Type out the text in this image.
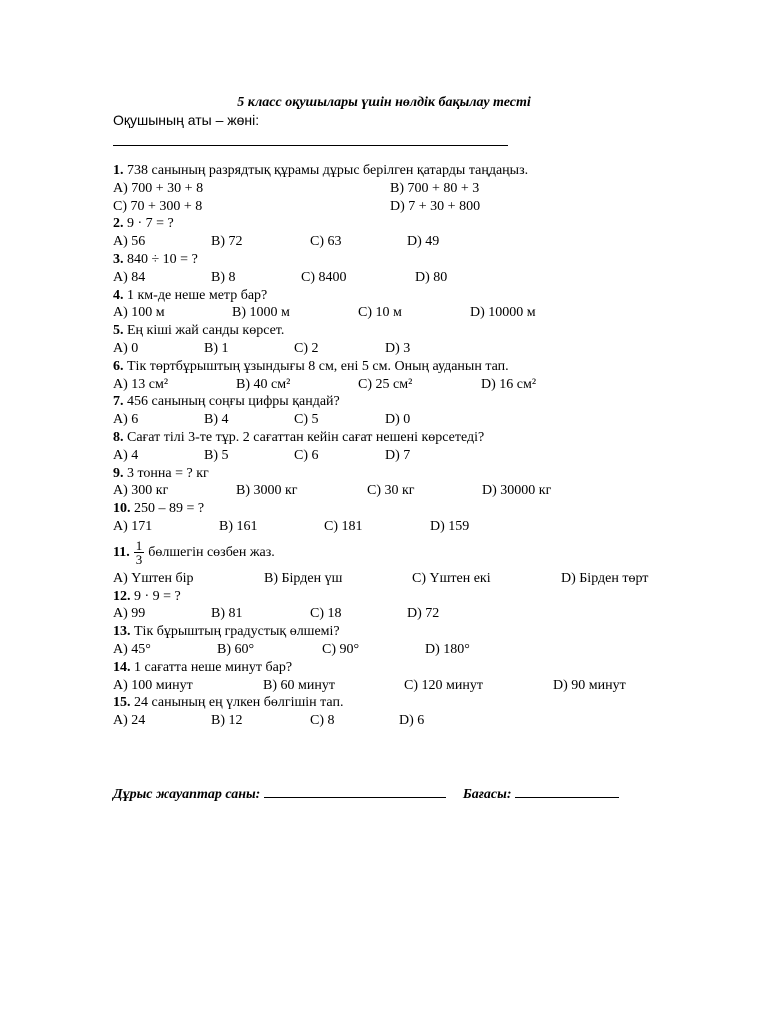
5 класс оқушылары үшін нөлдік бақылау тесті
Оқушының аты – жөні:
1. 738 санының разрядтық құрамы дұрыс берілген қатарды таңдаңыз.
A) 700 + 30 + 8	B) 700 + 80 + 3
C) 70 + 300 + 8	D) 7 + 30 + 800
2. 9 · 7 = ?
A) 56	B) 72	C) 63	D) 49
3. 840 ÷ 10 = ?
A) 84	B) 8	C) 8400	D) 80
4. 1 км-де неше метр бар?
A) 100 м	B) 1000 м	C) 10 м	D) 10000 м
5. Ең кіші жай санды көрсет.
A) 0	B) 1	C) 2	D) 3
6. Тік төртбұрыштың ұзындығы 8 см, ені 5 см. Оның ауданын тап.
A) 13 см²	B) 40 см²	C) 25 см²	D) 16 см²
7. 456 санының соңғы цифры қандай?
A) 6	B) 4	C) 5	D) 0
8. Сағат тілі 3-те тұр. 2 сағаттан кейін сағат нешені көрсетеді?
A) 4	B) 5	C) 6	D) 7
9. 3 тонна = ? кг
A) 300 кг	B) 3000 кг	C) 30 кг	D) 30000 кг
10. 250 – 89 = ?
A) 171	B) 161	C) 181	D) 159
11. $\frac{1}{3}$ бөлшегін сөзбен жаз.
A) Үштен бір	B) Бірден үш	C) Үштен екі	D) Бірден төрт
12. 9 · 9 = ?
A) 99	B) 81	C) 18	D) 72
13. Тік бұрыштың градустық өлшемі?
A) 45°	B) 60°	C) 90°	D) 180°
14. 1 сағатта неше минут бар?
A) 100 минут	B) 60 минут	C) 120 минут	D) 90 минут
15. 24 санының ең үлкен бөлгішін тап.
A) 24	B) 12	C) 8	D) 6
Дұрыс жауаптар саны:	Бағасы:
